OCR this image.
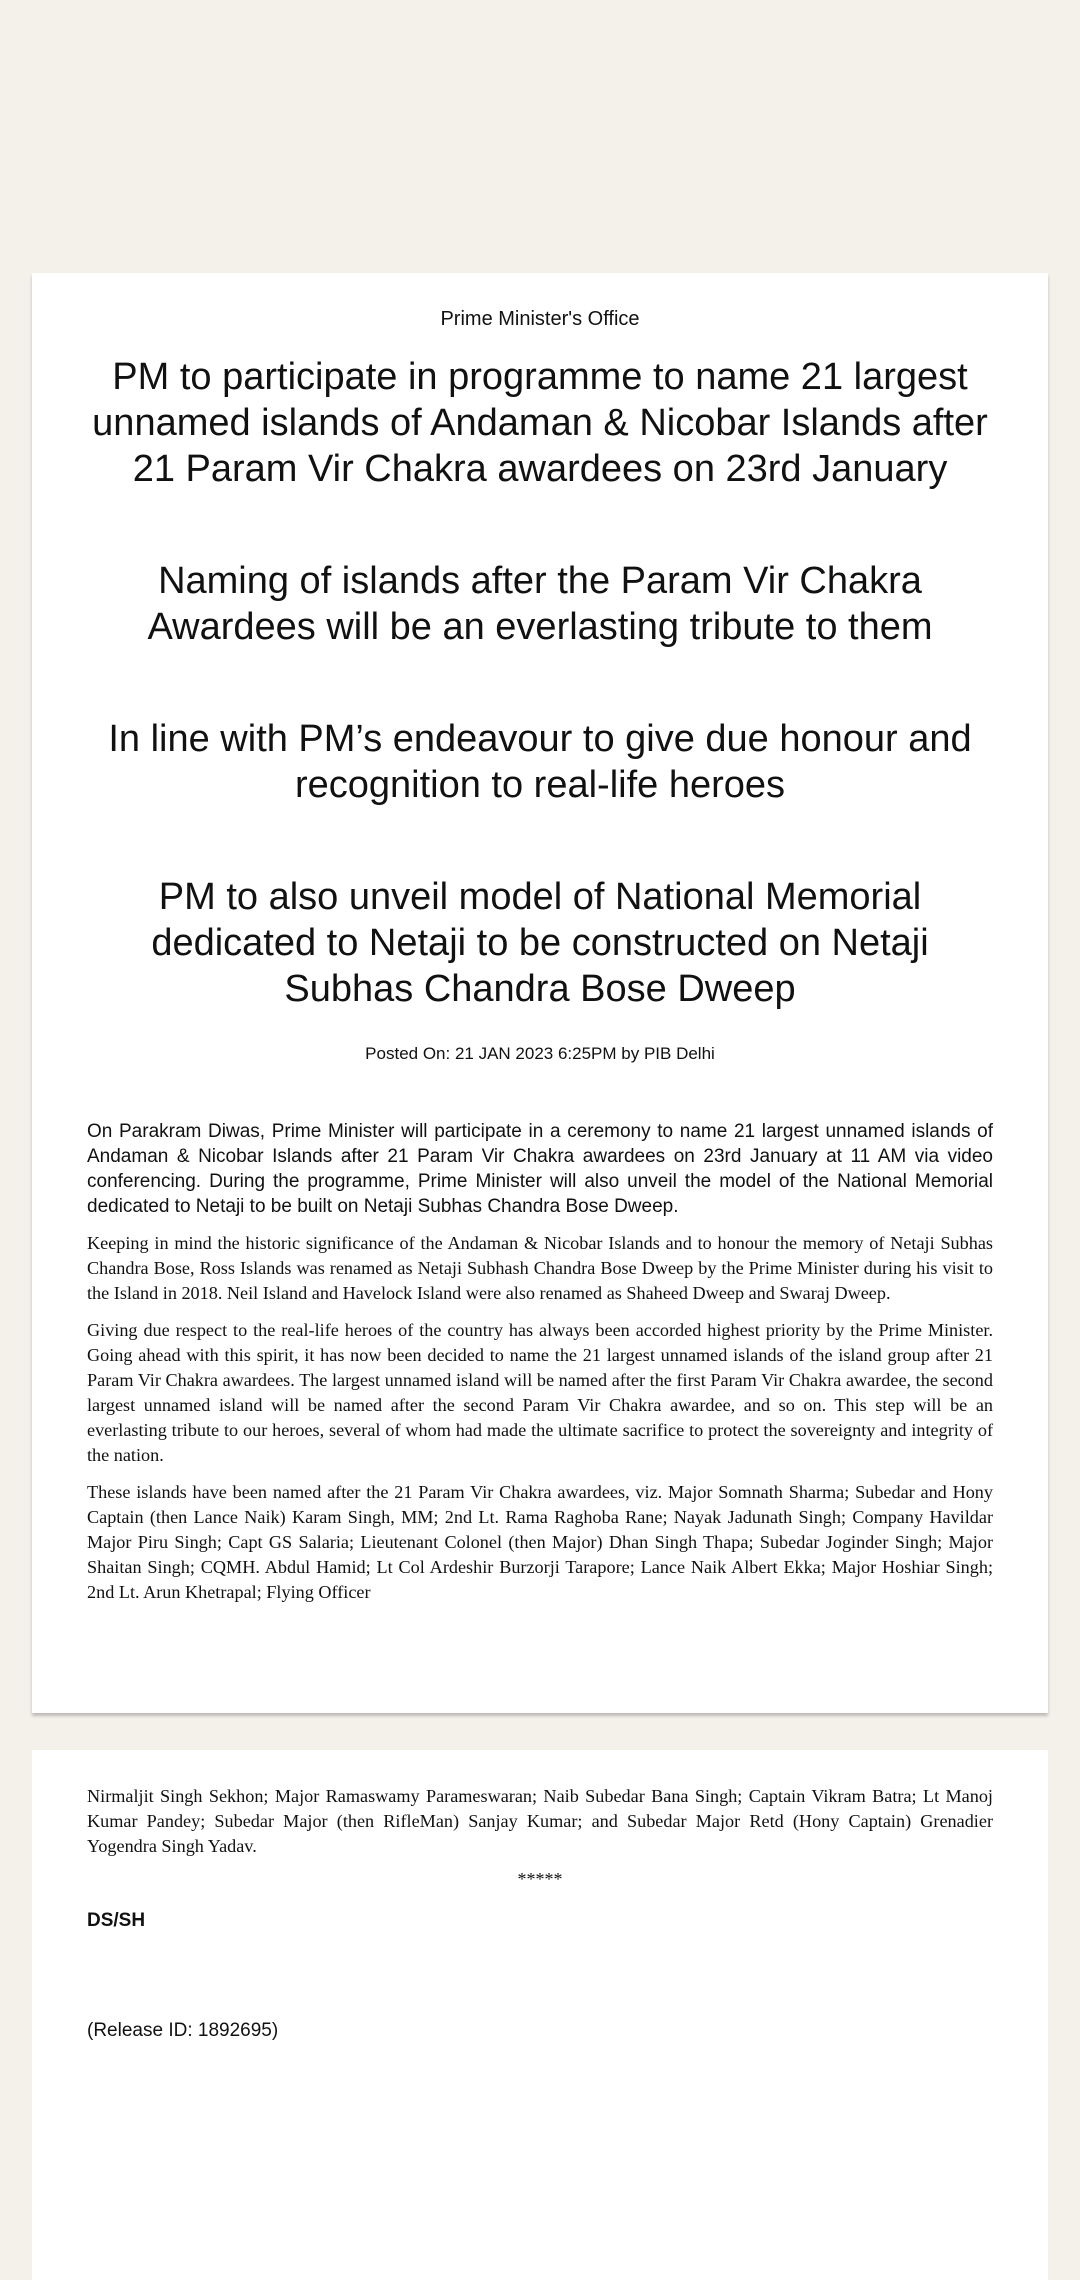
Prime Minister's Office

PM to participate in programme to name 21 largest unnamed islands of Andaman & Nicobar Islands after 21 Param Vir Chakra awardees on 23rd January
Naming of islands after the Param Vir Chakra Awardees will be an everlasting tribute to them
In line with PM’s endeavour to give due honour and recognition to real-life heroes
PM to also unveil model of National Memorial dedicated to Netaji to be constructed on Netaji Subhas Chandra Bose Dweep

Posted On: 21 JAN 2023 6:25PM by PIB Delhi

On Parakram Diwas, Prime Minister will participate in a ceremony to name 21 largest unnamed islands of Andaman & Nicobar Islands after 21 Param Vir Chakra awardees on 23rd January at 11 AM via video conferencing. During the programme, Prime Minister will also unveil the model of the National Memorial dedicated to Netaji to be built on Netaji Subhas Chandra Bose Dweep.

Keeping in mind the historic significance of the Andaman & Nicobar Islands and to honour the memory of Netaji Subhas Chandra Bose, Ross Islands was renamed as Netaji Subhash Chandra Bose Dweep by the Prime Minister during his visit to the Island in 2018. Neil Island and Havelock Island were also renamed as Shaheed Dweep and Swaraj Dweep.

Giving due respect to the real-life heroes of the country has always been accorded highest priority by the Prime Minister. Going ahead with this spirit, it has now been decided to name the 21 largest unnamed islands of the island group after 21 Param Vir Chakra awardees. The largest unnamed island will be named after the first Param Vir Chakra awardee, the second largest unnamed island will be named after the second Param Vir Chakra awardee, and so on. This step will be an everlasting tribute to our heroes, several of whom had made the ultimate sacrifice to protect the sovereignty and integrity of the nation.

These islands have been named after the 21 Param Vir Chakra awardees, viz. Major Somnath Sharma; Subedar and Hony Captain (then Lance Naik) Karam Singh, MM; 2nd Lt. Rama Raghoba Rane; Nayak Jadunath Singh; Company Havildar Major Piru Singh; Capt GS Salaria; Lieutenant Colonel (then Major) Dhan Singh Thapa; Subedar Joginder Singh; Major Shaitan Singh; CQMH. Abdul Hamid; Lt Col Ardeshir Burzorji Tarapore; Lance Naik Albert Ekka; Major Hoshiar Singh; 2nd Lt. Arun Khetrapal; Flying Officer

Nirmaljit Singh Sekhon; Major Ramaswamy Parameswaran; Naib Subedar Bana Singh; Captain Vikram Batra; Lt Manoj Kumar Pandey; Subedar Major (then RifleMan) Sanjay Kumar; and Subedar Major Retd (Hony Captain) Grenadier Yogendra Singh Yadav.

*****

DS/SH

(Release ID: 1892695)
